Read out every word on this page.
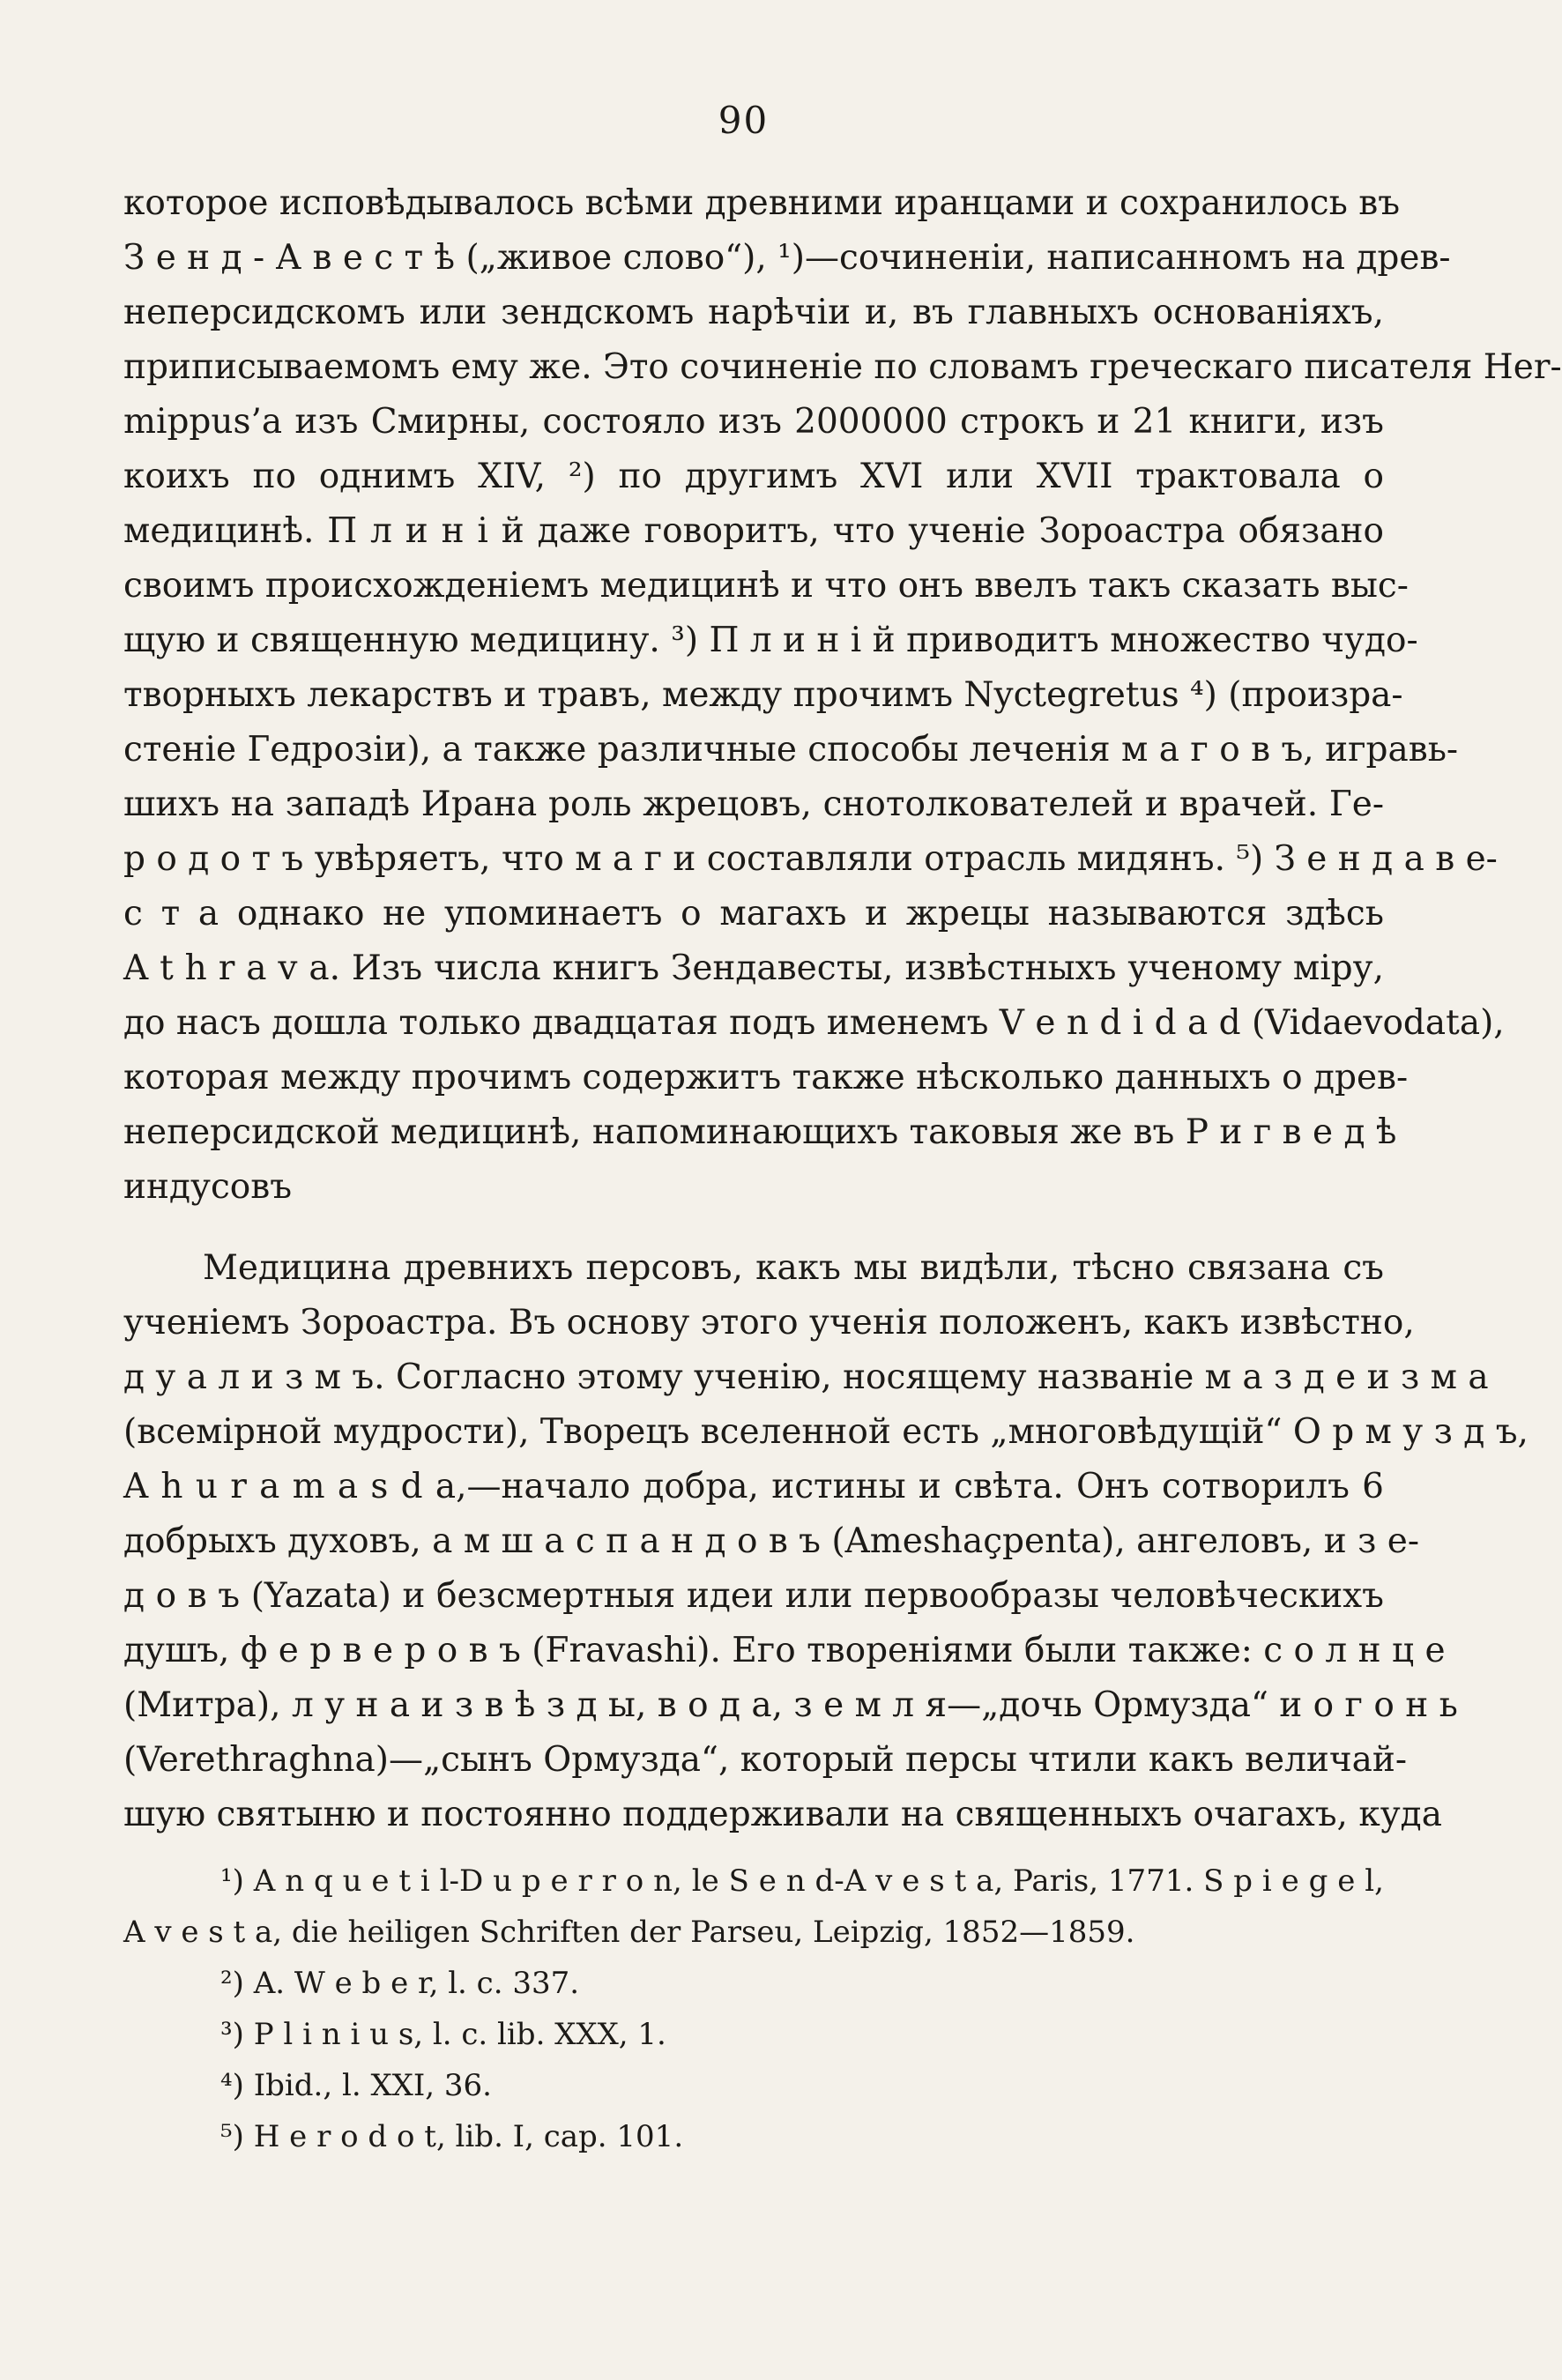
90
которое исповѣдывалось всѣми древними иранцами и сохранилось въ
З е н д - А в е с т ѣ („живое слово“), ¹)—сочиненіи, написанномъ на древ-
неперсидскомъ или зендскомъ нарѣчіи и, въ главныхъ основаніяхъ,
приписываемомъ ему же. Это сочиненіе по словамъ греческаго писателя Her-
mippus’а изъ Смирны, состояло изъ 2000000 строкъ и 21 книги, изъ
коихъ по однимъ XIV, ²) по другимъ XVI или XVII трактовала о
медицинѣ. П л и н і й даже говоритъ, что ученіе Зороастра обязано
своимъ происхожденіемъ медицинѣ и что онъ ввелъ такъ сказать выс-
щую и священную медицину. ³) П л и н і й приводитъ множество чудо-
творныхъ лекарствъ и травъ, между прочимъ Nyctegretus ⁴) (произра-
стеніе Гедрозіи), а также различные способы леченія м а г о в ъ, игравь-
шихъ на западѣ Ирана роль жрецовъ, снотолкователей и врачей. Ге-
р о д о т ъ увѣряетъ, что м а г и составляли отрасль мидянъ. ⁵) З е н д а в е-
с т а однако не упоминаетъ о магахъ и жрецы называются здѣсь
A t h r a v a. Изъ числа книгъ Зендавесты, извѣстныхъ ученому міру,
до насъ дошла только двадцатая подъ именемъ V e n d i d a d (Vidaevodata),
которая между прочимъ содержитъ также нѣсколько данныхъ о древ-
неперсидской медицинѣ, напоминающихъ таковыя же въ Р и г в е д ѣ
индусовъ
Медицина древнихъ персовъ, какъ мы видѣли, тѣсно связана съ
ученіемъ Зороастра. Въ основу этого ученія положенъ, какъ извѣстно,
д у а л и з м ъ. Согласно этому ученію, носящему названіе м а з д е и з м а
(всемірной мудрости), Творецъ вселенной есть „многовѣдущій“ О р м у з д ъ,
A h u r a m a s d a,—начало добра, истины и свѣта. Онъ сотворилъ 6
добрыхъ духовъ, а м ш а с п а н д о в ъ (Amesha​çpenta), ангеловъ, и з е-
д о в ъ (Yazata) и безсмертныя идеи или первообразы человѣческихъ
душъ, ф е р в е р о в ъ (Fravashi). Его твореніями были также: с о л н ц е
(Митра), л у н а и з в ѣ з д ы, в о д а, з е м л я—„дочь Ормузда“ и о г о н ь
(Verethraghna)—„сынъ Ормузда“, который персы чтили какъ величай-
шую святыню и постоянно поддерживали на священныхъ очагахъ, куда
¹) A n q u e t i l-D u p e r r o n, le S e n d-A v e s t a, Paris, 1771. S p i e g e l,
A v e s t a, die heiligen Schriften der Parseu, Leipzig, 1852—1859.
²) A. W e b e r, l. c. 337.
³) P l i n i u s, l. c. lib. XXX, 1.
⁴) Ibid., l. XXI, 36.
⁵) H e r o d o t, lib. I, cap. 101.
